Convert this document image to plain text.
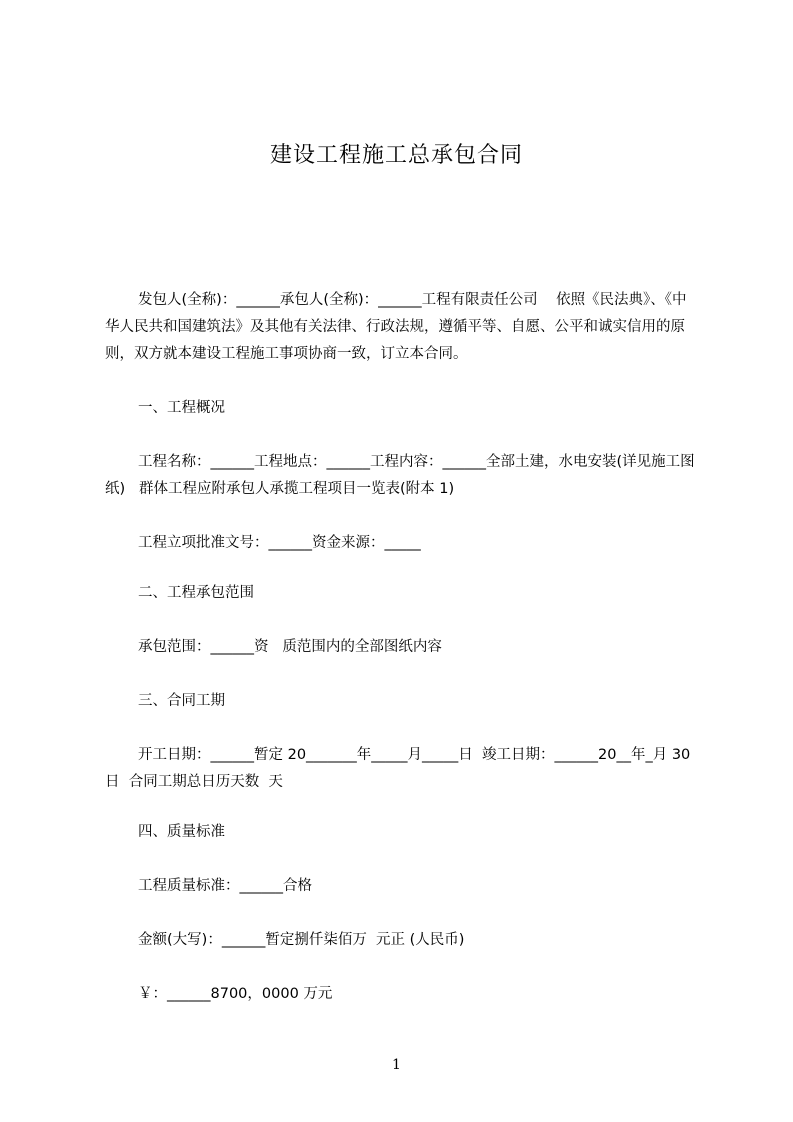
建设工程施工总承包合同

发包人(全称)：______承包人(全称)：______工程有限责任公司    依照《民法典》、《中华人民共和国建筑法》及其他有关法律、行政法规，遵循平等、自愿、公平和诚实信用的原则，双方就本建设工程施工事项协商一致，订立本合同。

一、工程概况

工程名称：______工程地点：______工程内容：______全部土建，水电安装(详见施工图纸)   群体工程应附承包人承揽工程项目一览表(附本 1)

工程立项批准文号：______资金来源：_____

二、工程承包范围

承包范围：______资   质范围内的全部图纸内容

三、合同工期

开工日期：______暂定 20_______年_____月_____日  竣工日期：______20__年_月 30 日  合同工期总日历天数  天

四、质量标准

工程质量标准：______合格

金额(大写)：______暂定捌仟柒佰万  元正 (人民币)

￥：______8700，0000 万元

1
